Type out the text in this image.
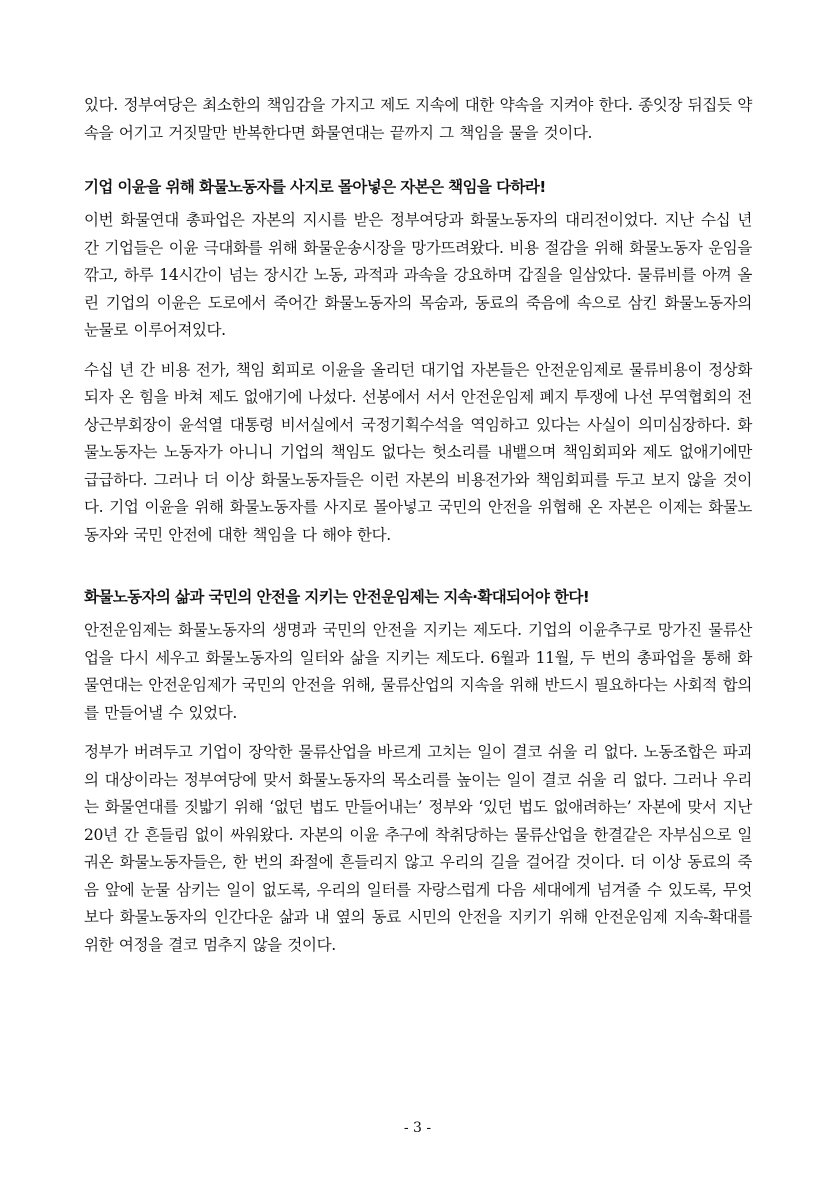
있다. 정부여당은 최소한의 책임감을 가지고 제도 지속에 대한 약속을 지켜야 한다. 종잇장 뒤집듯 약속을 어기고 거짓말만 반복한다면 화물연대는 끝까지 그 책임을 물을 것이다.

기업 이윤을 위해 화물노동자를 사지로 몰아넣은 자본은 책임을 다하라!

이번 화물연대 총파업은 자본의 지시를 받은 정부여당과 화물노동자의 대리전이었다. 지난 수십 년 간 기업들은 이윤 극대화를 위해 화물운송시장을 망가뜨려왔다. 비용 절감을 위해 화물노동자 운임을 깎고, 하루 14시간이 넘는 장시간 노동, 과적과 과속을 강요하며 갑질을 일삼았다. 물류비를 아껴 올린 기업의 이윤은 도로에서 죽어간 화물노동자의 목숨과, 동료의 죽음에 속으로 삼킨 화물노동자의 눈물로 이루어져있다.

수십 년 간 비용 전가, 책임 회피로 이윤을 올리던 대기업 자본들은 안전운임제로 물류비용이 정상화되자 온 힘을 바쳐 제도 없애기에 나섰다. 선봉에서 서서 안전운임제 폐지 투쟁에 나선 무역협회의 전 상근부회장이 윤석열 대통령 비서실에서 국정기획수석을 역임하고 있다는 사실이 의미심장하다. 화물노동자는 노동자가 아니니 기업의 책임도 없다는 헛소리를 내뱉으며 책임회피와 제도 없애기에만 급급하다. 그러나 더 이상 화물노동자들은 이런 자본의 비용전가와 책임회피를 두고 보지 않을 것이다. 기업 이윤을 위해 화물노동자를 사지로 몰아넣고 국민의 안전을 위협해 온 자본은 이제는 화물노동자와 국민 안전에 대한 책임을 다 해야 한다.

화물노동자의 삶과 국민의 안전을 지키는 안전운임제는 지속·확대되어야 한다!

안전운임제는 화물노동자의 생명과 국민의 안전을 지키는 제도다. 기업의 이윤추구로 망가진 물류산업을 다시 세우고 화물노동자의 일터와 삶을 지키는 제도다. 6월과 11월, 두 번의 총파업을 통해 화물연대는 안전운임제가 국민의 안전을 위해, 물류산업의 지속을 위해 반드시 필요하다는 사회적 합의를 만들어낼 수 있었다.

정부가 버려두고 기업이 장악한 물류산업을 바르게 고치는 일이 결코 쉬울 리 없다. 노동조합은 파괴의 대상이라는 정부여당에 맞서 화물노동자의 목소리를 높이는 일이 결코 쉬울 리 없다. 그러나 우리는 화물연대를 짓밟기 위해 ‘없던 법도 만들어내는’ 정부와 ‘있던 법도 없애려하는’ 자본에 맞서 지난 20년 간 흔들림 없이 싸워왔다. 자본의 이윤 추구에 착취당하는 물류산업을 한결같은 자부심으로 일궈온 화물노동자들은, 한 번의 좌절에 흔들리지 않고 우리의 길을 걸어갈 것이다. 더 이상 동료의 죽음 앞에 눈물 삼키는 일이 없도록, 우리의 일터를 자랑스럽게 다음 세대에게 넘겨줄 수 있도록, 무엇보다 화물노동자의 인간다운 삶과 내 옆의 동료 시민의 안전을 지키기 위해 안전운임제 지속-확대를 위한 여정을 결코 멈추지 않을 것이다.

- 3 -
